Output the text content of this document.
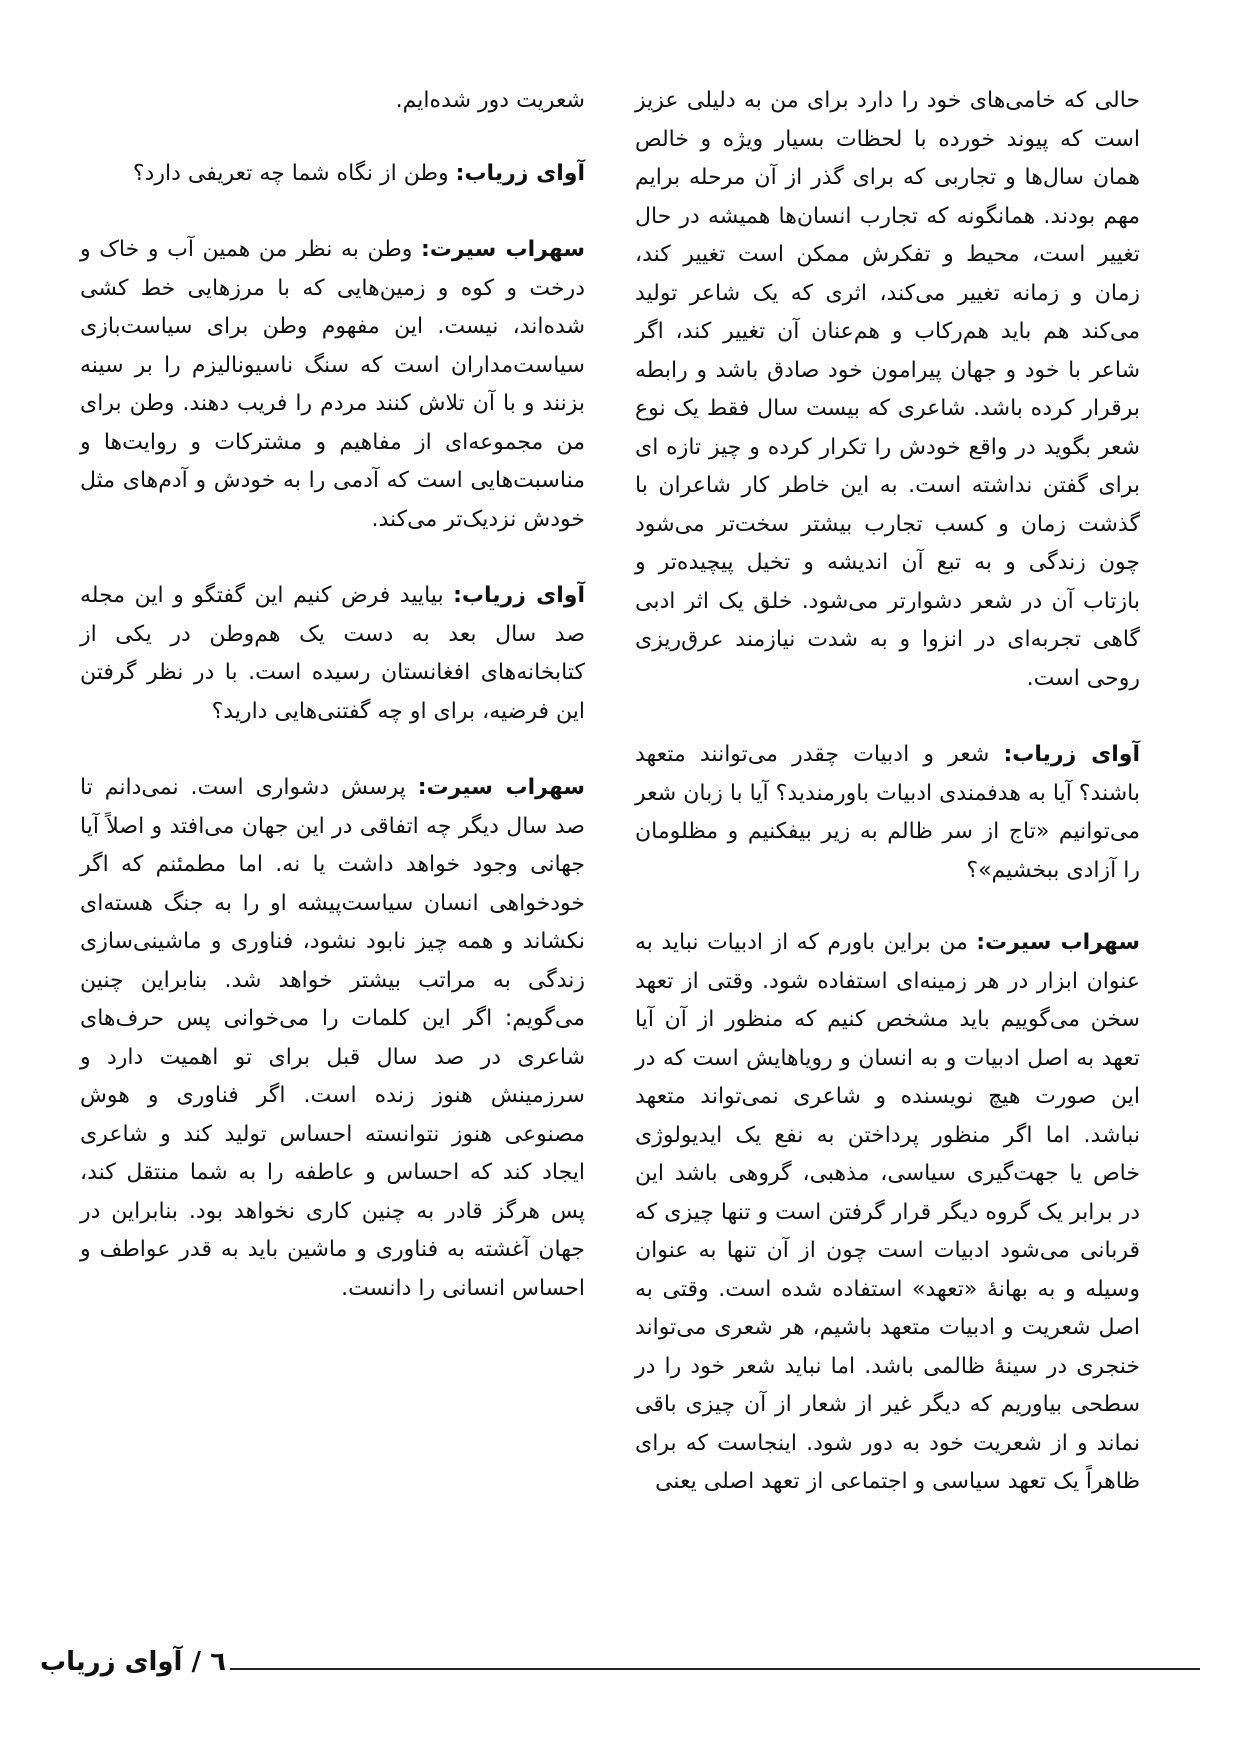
حالی که خامی‌های خود را دارد برای من به دلیلی عزیز است که پیوند خورده با لحظات بسیار ویژه و خالص همان سال‌ها و تجاربی که برای گذر از آن مرحله برایم مهم بودند. همانگونه که تجارب انسان‌ها همیشه در حال تغییر است، محیط و تفکرش ممکن است تغییر کند، زمان و زمانه تغییر می‌کند، اثری که یک شاعر تولید می‌کند هم باید هم‌رکاب و هم‌عنان آن تغییر کند، اگر شاعر با خود و جهان پیرامون خود صادق باشد و رابطه برقرار کرده باشد. شاعری که بیست سال فقط یک نوع شعر بگوید در واقع خودش را تکرار کرده و چیز تازه ای برای گفتن نداشته است. به این خاطر کار شاعران با گذشت زمان و کسب تجارب بیشتر سخت‌تر می‌شود چون زندگی و به تبع آن اندیشه و تخیل پیچیده‌تر و بازتاب آن در شعر دشوارتر می‌شود. خلق یک اثر ادبی گاهی تجربه‌ای در انزوا و به شدت نیازمند عرق‌ریزی روحی است.

آوای زریاب: شعر و ادبیات چقدر می‌توانند متعهد باشند؟ آیا به هدفمندی ادبیات باورمندید؟ آیا با زبان شعر می‌توانیم «تاج از سر ظالم به زیر بیفکنیم و مظلومان را آزادی ببخشیم»؟

سهراب سیرت: من براین باورم که از ادبیات نباید به عنوان ابزار در هر زمینه‌ای استفاده شود. وقتی از تعهد سخن می‌گوییم باید مشخص کنیم که منظور از آن آیا تعهد به اصل ادبیات و به انسان و رویاهایش است که در این صورت هیچ نویسنده و شاعری نمی‌تواند متعهد نباشد. اما اگر منظور پرداختن به نفع یک ایدیولوژی خاص یا جهت‌گیری سیاسی، مذهبی، گروهی باشد این در برابر یک گروه دیگر قرار گرفتن است و تنها چیزی که قربانی می‌شود ادبیات است چون از آن تنها به عنوان وسیله و به بهانهٔ «تعهد» استفاده شده است. وقتی به اصل شعریت و ادبیات متعهد باشیم، هر شعری می‌تواند خنجری در سینهٔ ظالمی باشد. اما نباید شعر خود را در سطحی بیاوریم که دیگر غیر از شعار از آن چیزی باقی نماند و از شعریت خود به دور شود. اینجاست که برای ظاهراً یک تعهد سیاسی و اجتماعی از تعهد اصلی یعنی

شعریت دور شده‌ایم.

آوای زریاب: وطن از نگاه شما چه تعریفی دارد؟

سهراب سیرت: وطن به نظر من همین آب و خاک و درخت و کوه و زمین‌هایی که با مرزهایی خط کشی شده‌اند، نیست. این مفهوم وطن برای سیاست‌بازی سیاست‌مداران است که سنگ ناسیونالیزم را بر سینه بزنند و با آن تلاش کنند مردم را فریب دهند. وطن برای من مجموعه‌ای از مفاهیم و مشترکات و روایت‌ها و مناسبت‌هایی است که آدمی را به خودش و آدم‌های مثل خودش نزدیک‌تر می‌کند.

آوای زریاب: بیایید فرض کنیم این گفتگو و این مجله صد سال بعد به دست یک هم‌وطن در یکی از کتابخانه‌های افغانستان رسیده است. با در نظر گرفتن این فرضیه، برای او چه گفتنی‌هایی دارید؟

سهراب سیرت: پرسش دشواری است. نمی‌دانم تا صد سال دیگر چه اتفاقی در این جهان می‌افتد و اصلاً آیا جهانی وجود خواهد داشت یا نه. اما مطمئنم که اگر خودخواهی انسان سیاست‌پیشه او را به جنگ هسته‌ای نکشاند و همه چیز نابود نشود، فناوری و ماشینی‌سازی زندگی به مراتب بیشتر خواهد شد. بنابراین چنین می‌گویم: اگر این کلمات را می‌خوانی پس حرف‌های شاعری در صد سال قبل برای تو اهمیت دارد و سرزمینش هنوز زنده است. اگر فناوری و هوش مصنوعی هنوز نتوانسته احساس تولید کند و شاعری ایجاد کند که احساس و عاطفه را به شما منتقل کند، پس هرگز قادر به چنین کاری نخواهد بود. بنابراین در جهان آغشته به فناوری و ماشین باید به قدر عواطف و احساس انسانی را دانست.

٦ / آوای زریاب
